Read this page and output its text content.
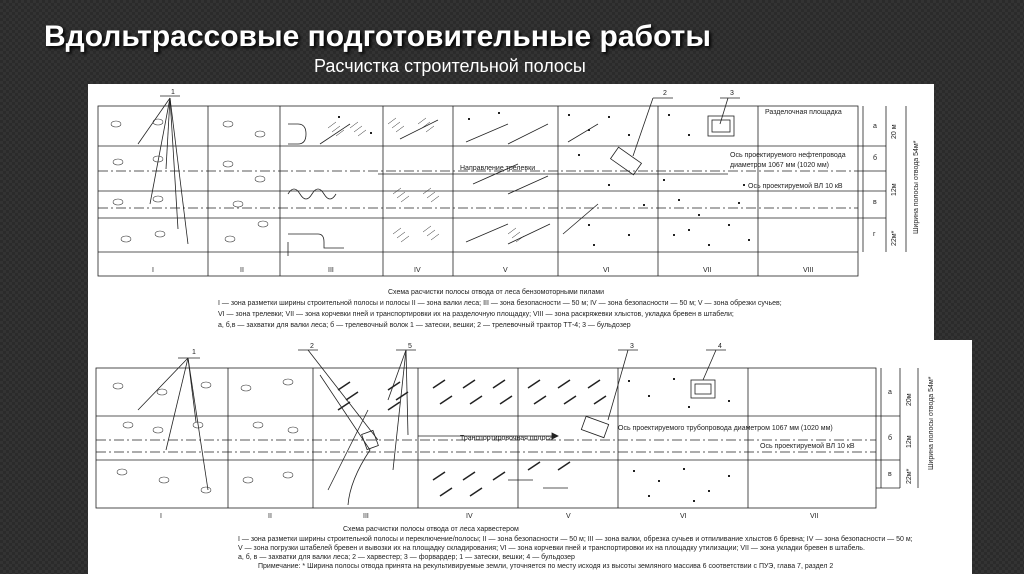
Вдольтрассовые подготовительные работы

Расчистка строительной полосы

Разделочная площадка
Направление трелевки
Ось проектируемого нефтепровода
диаметром 1067 мм (1020 мм)
Ось проектируемой ВЛ 10 кВ
1	2	3
I	II	III	IV	V	VI	VII	VIII
а
б
в
г
20 м
12м
22м*
Ширина полосы отвода 54м*
Схема расчистки полосы отвода от леса бензомоторными пилами
I — зона разметки ширины строительной полосы и полосы II — зона валки леса; III — зона безопасности — 50 м; IV — зона безопасности — 50 м; V — зона обрезки сучьев;
VI — зона трелевки; VII — зона корчевки пней и транспортировки их на разделочную площадку; VIII — зона раскряжевки хлыстов, укладка бревен в штабели;
а, б,в — захватки для валки леса; б — трелевочный волок 1 — затески, вешки; 2 — трелевочный трактор ТТ-4; 3 — бульдозер
Транспортировочная полоса
Ось проектируемого трубопровода диаметром 1067 мм (1020 мм)
Ось проектируемой ВЛ 10 кВ
1
2	5	3	4
I	II	III	IV	V	VI	VII
а
б
в
20м
12м
22м*
Ширина полосы отвода 54м*
Схема расчистки полосы отвода от леса харвестером
I — зона разметки ширины строительной полосы и переключение/полосы; II — зона безопасности — 50 м; III — зона валки, обрезка сучьев и отпиливание хлыстов 6 бревна; IV — зона безопасности — 50 м;
V — зона погрузки штабелей бревен и вывозки их на площадку складирования; VI — зона корчевки пней и транспортировки их на площадку утилизации; VII — зона укладки бревен в штабель.
а, б, в — захватки для валки леса; 2 — харвестер; 3 — форвардер; 1 — затески, вешки; 4 — бульдозер
Примечание: * Ширина полосы отвода принята на рекультивируемые земли, уточняется по месту исходя из высоты земляного массива 6 соответствии с ПУЭ, глава 7, раздел 2
